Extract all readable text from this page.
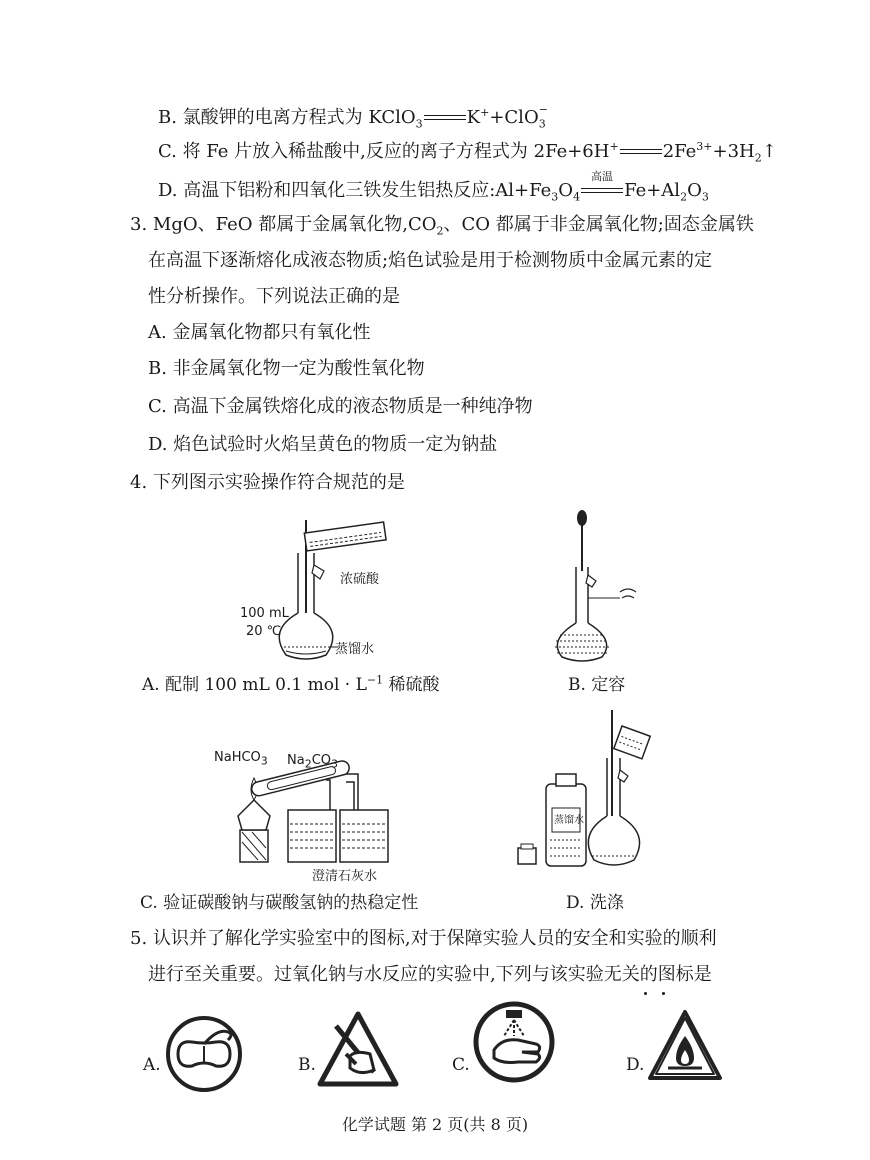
B. 氯酸钾的电离方程式为 KClO$_3$ K++ClO −
$_3$
C. 将 Fe 片放入稀盐酸中,反应的离子方程式为 2Fe+6H+ $2Fe^{3+}+3H_2↑$
D. 高温下铝粉和四氧化三铁发生铝热反应$:Al+Fe_3O_4$
高温
$Fe+Al_2O_3$
3. MgO、FeO 都属于金属氧化物$,CO_2$、CO 都属于非金属氧化物;固态金属铁
在高温下逐渐熔化成液态物质;焰色试验是用于检测物质中金属元素的定
性分析操作。下列说法正确的是
A. 金属氧化物都只有氧化性
B. 非金属氧化物一定为酸性氧化物
C. 高温下金属铁熔化成的液态物质是一种纯净物
D. 焰色试验时火焰呈黄色的物质一定为钠盐
4. 下列图示实验操作符合规范的是
浓硫酸
100 mL
20 ℃
蒸馏水
A. 配制 100 mL 0.1 mol · $L^{-1}$ 稀硫酸	B. 定容
NaHCO$_3$ $Na_2CO_3$
澄清石灰水
C. 验证碳酸钠与碳酸氢钠的热稳定性
蒸馏水
D. 洗涤
5. 认识并了解化学实验室中的图标,对于保障实验人员的安全和实验的顺利
进行至关重要。过氧化钠与水反应的实验中,下列与该实验无关的图标是
A.	B.	C.	D.
化学试题 第 2 页(共 8 页)
